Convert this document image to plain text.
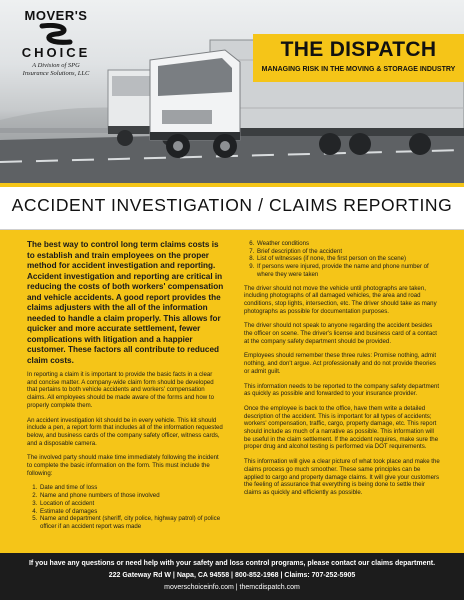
MOVER'S
CHOICE
A Division of SPG
Insurance Solutions, LLC
THE DISPATCH
MANAGING RISK IN THE MOVING & STORAGE INDUSTRY
ACCIDENT INVESTIGATION / CLAIMS REPORTING

The best way to control long term claims costs is to establish and train employees on the proper method for accident investigation and reporting. Accident investigation and reporting are critical in reducing the costs of both workers' compensation and vehicle accidents. A good report provides the claims adjusters with the all of the information needed to handle a claim properly. This allows for quicker and more accurate settlement, fewer complications with litigation and a happier customer. These factors all contribute to reduced claim costs.

In reporting a claim it is important to provide the basic facts in a clear and concise matter. A company-wide claim form should be developed that pertains to both vehicle accidents and workers' compensation claims. All employees should be made aware of the forms and how to properly complete them.

An accident investigation kit should be in every vehicle. This kit should include a pen, a report form that includes all of the information requested below, and business cards of the company safety officer, witness cards, and a disposable camera.

The involved party should make time immediately following the incident to complete the basic information on the form. This must include the following:

1. Date and time of loss
2. Name and phone numbers of those involved
3. Location of accident
4. Estimate of damages
5. Name and department (sheriff, city police, highway patrol) of police officer if an accident report was made
6. Weather conditions
7. Brief description of the accident
8. List of witnesses (if none, the first person on the scene)
9. If persons were injured, provide the name and phone number of where they were taken

The driver should not move the vehicle until photographs are taken, including photographs of all damaged vehicles, the area and road conditions, stop lights, intersection, etc. The driver should take as many photographs as possible for documentation purposes.

The driver should not speak to anyone regarding the accident besides the officer on scene. The driver's license and business card of a contact at the company safety department should be provided.

Employees should remember these three rules: Promise nothing, admit nothing, and don't argue. Act professionally and do not provide theories or admit guilt.

This information needs to be reported to the company safety department as quickly as possible and forwarded to your insurance provider.

Once the employee is back to the office, have them write a detailed description of the accident. This is important for all types of accidents; workers' compensation, traffic, cargo, property damage, etc. This report should include as much of a narrative as possible. This information will be useful in the claim settlement. If the accident requires, make sure the proper drug and alcohol testing is performed via DOT requirements.

This information will give a clear picture of what took place and make the claims process go much smoother. These same principles can be applied to cargo and property damage claims. It will give your customers the feeling of assurance that everything is being done to settle their claims as quickly and efficiently as possible.

If you have any questions or need help with your safety and loss control programs, please contact our claims department.
222 Gateway Rd W | Napa, CA 94558 | 800-852-1968 | Claims: 707-252-5905
moverschoiceinfo.com | themcdispatch.com
